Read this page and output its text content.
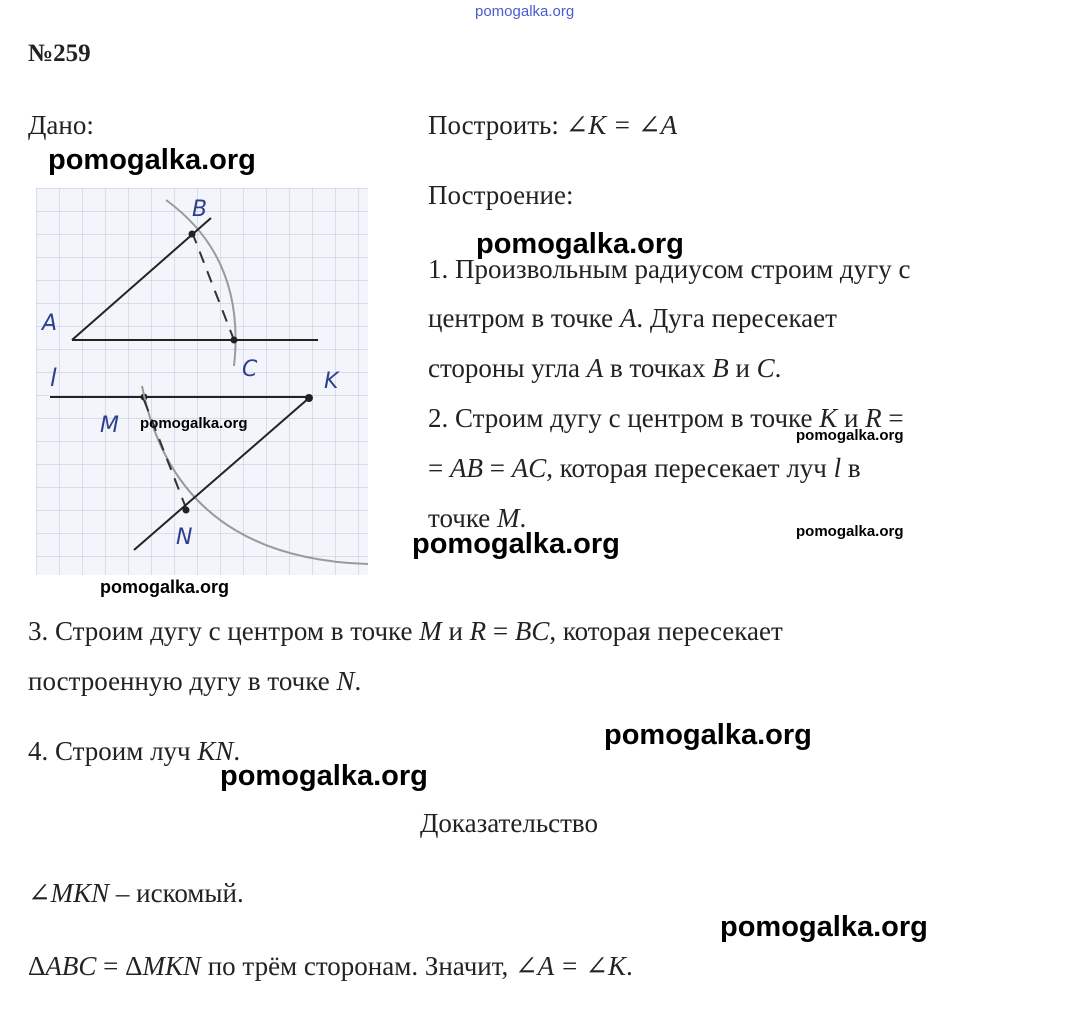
pomogalka.org
№259
Дано:	Построить: ∠K = ∠A
Построение:
1. Произвольным радиусом строим дугу с
центром в точке A. Дуга пересекает
стороны угла A в точках B и C.
2. Строим дугу с центром в точке K и R =
= AB = AC, которая пересекает луч l в
точке M.
3. Строим дугу с центром в точке M и R = BC, которая пересекает
построенную дугу в точке N.
4. Строим луч KN.
Доказательство
∠MKN – искомый.
ΔABC = ΔMKN по трём сторонам. Значит, ∠A = ∠K.
B
A
C
l
M
K
N
pomogalka.org
pomogalka.org
pomogalka.org
pomogalka.org
pomogalka.org
pomogalka.org
pomogalka.org
pomogalka.org
pomogalka.org
pomogalka.org
